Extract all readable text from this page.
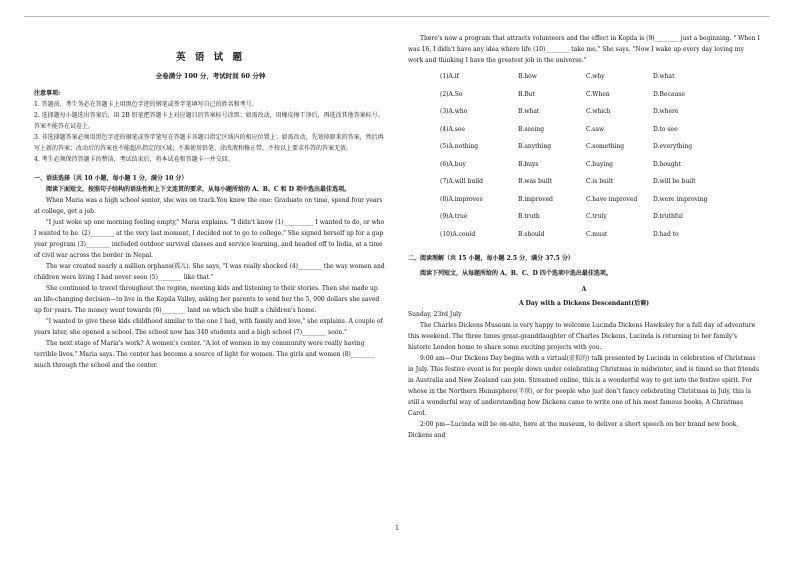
英 语 试 题
全卷满分 100 分，考试时间 60 分钟

注意事项:

1. 答题前，考生务必在答题卡上用黑色字迹的钢笔或签字笔填写自己的姓名和考号。

2. 选择题每小题选出答案后，用 2B 铅笔把答题卡上对应题目的答案标号涂黑；如需改动，用橡皮擦干净后，再选涂其他答案标号。答案不能答在试卷上。

3. 非选择题答案必须用黑色字迹的钢笔或签字笔写在答题卡各题目指定区域内的相应位置上；如需改动，先划掉原来的答案，然后再写上新的答案；改动后的答案也不能超出指定的区域；不准使用铅笔、涂改液和修正带。不按以上要求作答的答案无效。

4. 考生必须保持答题卡的整洁，考试结束后，将本试卷和答题卡一并交回。

一、语法选择（共 10 小题，每小题 1 分，满分 10 分）

阅读下面短文，按照句子结构的语法性和上下文连贯的要求，从每小题所给的 A、B、C 和 D 项中选出最佳选项。

When Maria was a high school senior, she was on track.You know the one: Graduate on time, spend four years at college, get a job.

"I just woke up one morning feeling empty," Maria explains. "I didn't know (1)__________ I wanted to do, or who I wanted to be. (2)________ at the very last moment, I decided not to go to college." She signed herself up for a gap year program (3)________ included outdoor survival classes and service learning, and headed off to India, at a time of civil war across the border in Nepal.

The war created nearly a million orphans(孤儿). She says, "I was really shocked (4)________ the way women and children were living I had never seen (5)________ like that."

She continued to travel throughout the region, meeting kids and listening to their stories. Then she made up an life-changing decision—to live in the Kopila Valley, asking her parents to send her the 5, 000 dollars she saved up for years. The money went towards (6)________ land on which she built a children's home.

"I wanted to give these kids childhood similar to the one I had, with family and love," she explains. A couple of years later, she opened a school. The school now has 340 students and a high school (7)________ soon."

The next stage of Maria's work? A women's center. "A lot of women in my community were really having terrible lives." Maria says. The center has become a source of light for women. The girls and women (8)________ much through the school and the center.

There's now a program that attracts volunteers and the effect in Kopila is (9)________ just a beginning. " When I was 16, I didn't have any idea where life (10)________ take me." She says. "Now I wake up every day loving my work and thinking I have the greatest job in the universe."

(1)A.if	B.how	C.why	D.what
(2)A.So	B.But	C.When	D.Because
(3)A.who	B.what	C.which	D.where
(4)A.see	B.seeing	C.saw	D.to see
(5)A.nothing	B.anything	C.something	D.everything
(6)A.buy	B.buys	C.buying	D.bought
(7)A.will build	B.was built	C.is built	D.will be built
(8)A.improves	B.improved	C.have improved	D.were improving
(9)A.true	B.truth	C.truly	D.truthful
(10)A.could	B.should	C.must	D.had to

二、阅读理解（共 15 小题，每小题 2.5 分，满分 37.5 分）

阅读下列短文，从每题所给的 A、B、C、D 四个选项中选出最佳选项。

A

A Day with a Dickens Descendant(后裔)

Sunday, 23rd July

The Charles Dickens Museum is very happy to welcome Lucinda Dickens Hawksley for a full day of adventure this weekend. The three times great-granddaughter of Charles Dickens, Lucinda is returning to her family's historic London home to share some exciting projects with you.

9:00 am—Our Dickens Day begins with a virtual(虚拟的) talk presented by Lucinda in celebration of Christmas in July. This festive event is for people down under celebrating Christmas in midwinter, and is timed so that friends in Australia and New Zealand can join. Streamed online, this is a wonderful way to get into the festive spirit. For whose in the Northern Hemisphere(半球), or for people who just don't fancy celebrating Christmas in July, this is still a wonderful way of understanding how Dickens came to write one of his most famous books, A Christmas Carol.

2:00 pm—Lucinda will be on-site, here at the museum, to deliver a short speech on her brand new book, Dickens and

1
